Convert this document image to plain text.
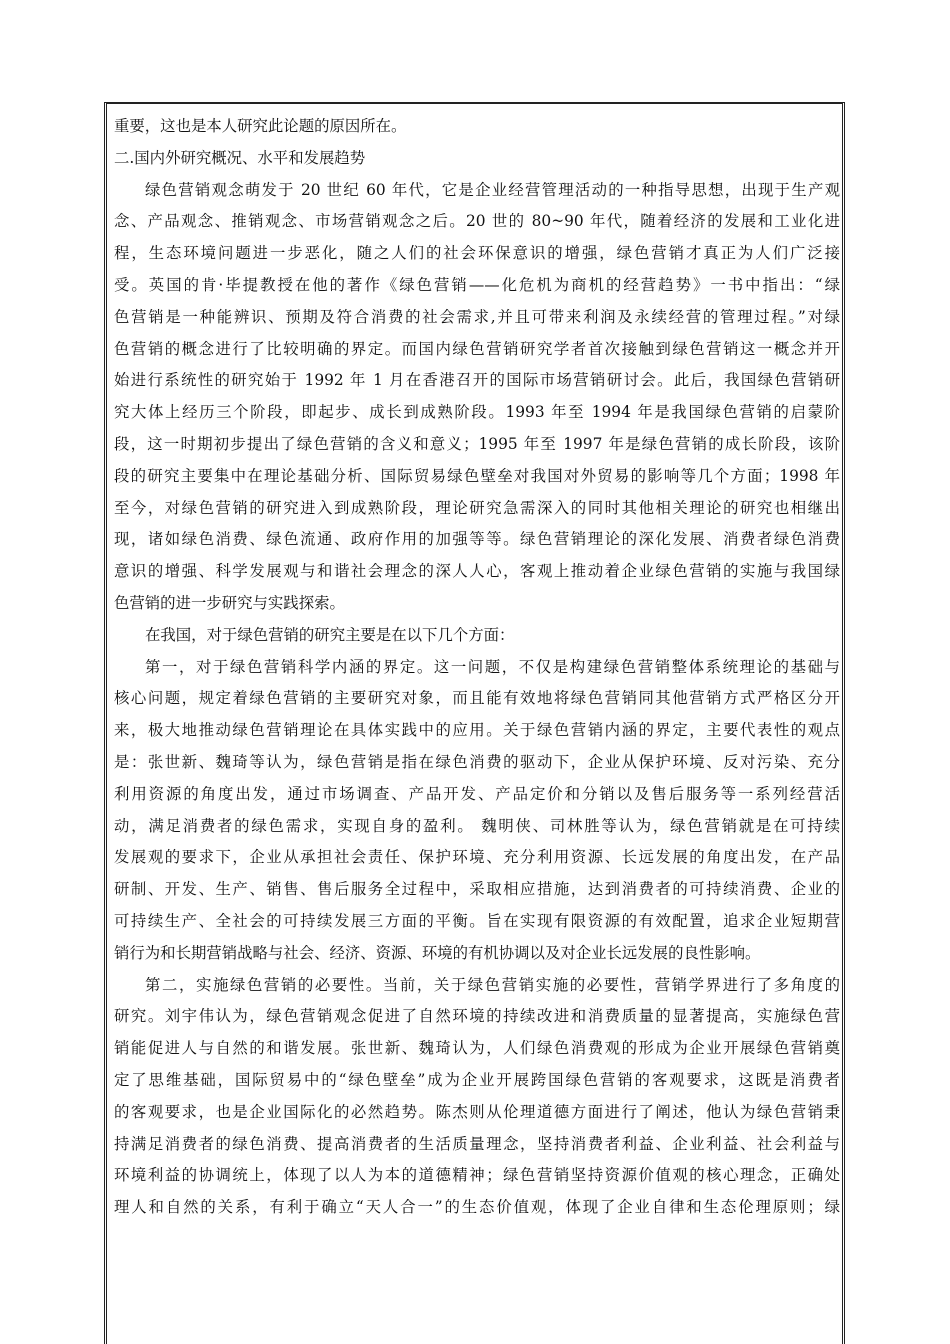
重要，这也是本人研究此论题的原因所在。
二.国内外研究概况、水平和发展趋势
绿色营销观念萌发于 20 世纪 60 年代，它是企业经营管理活动的一种指导思想，出现于生产观
念、产品观念、推销观念、市场营销观念之后。20 世的 80~90 年代，随着经济的发展和工业化进
程，生态环境问题进一步恶化，随之人们的社会环保意识的增强，绿色营销才真正为人们广泛接
受。英国的肯·毕提教授在他的著作《绿色营销——化危机为商机的经营趋势》一书中指出：“绿
色营销是一种能辨识、预期及符合消费的社会需求,并且可带来利润及永续经营的管理过程。”对绿
色营销的概念进行了比较明确的界定。而国内绿色营销研究学者首次接触到绿色营销这一概念并开
始进行系统性的研究始于 1992 年 1 月在香港召开的国际市场营销研讨会。此后，我国绿色营销研
究大体上经历三个阶段，即起步、成长到成熟阶段。1993 年至 1994 年是我国绿色营销的启蒙阶
段，这一时期初步提出了绿色营销的含义和意义；1995 年至 1997 年是绿色营销的成长阶段，该阶
段的研究主要集中在理论基础分析、国际贸易绿色壁垒对我国对外贸易的影响等几个方面；1998 年
至今，对绿色营销的研究进入到成熟阶段，理论研究急需深入的同时其他相关理论的研究也相继出
现，诸如绿色消费、绿色流通、政府作用的加强等等。绿色营销理论的深化发展、消费者绿色消费
意识的增强、科学发展观与和谐社会理念的深人人心，客观上推动着企业绿色营销的实施与我国绿
色营销的进一步研究与实践探索。
在我国，对于绿色营销的研究主要是在以下几个方面：
第一，对于绿色营销科学内涵的界定。这一问题，不仅是构建绿色营销整体系统理论的基础与
核心问题，规定着绿色营销的主要研究对象，而且能有效地将绿色营销同其他营销方式严格区分开
来，极大地推动绿色营销理论在具体实践中的应用。关于绿色营销内涵的界定，主要代表性的观点
是：张世新、魏琦等认为，绿色营销是指在绿色消费的驱动下，企业从保护环境、反对污染、充分
利用资源的角度出发，通过市场调查、产品开发、产品定价和分销以及售后服务等一系列经营活
动，满足消费者的绿色需求，实现自身的盈利。 魏明侠、司林胜等认为，绿色营销就是在可持续
发展观的要求下，企业从承担社会责任、保护环境、充分利用资源、长远发展的角度出发，在产品
研制、开发、生产、销售、售后服务全过程中，采取相应措施，达到消费者的可持续消费、企业的
可持续生产、全社会的可持续发展三方面的平衡。旨在实现有限资源的有效配置，追求企业短期营
销行为和长期营销战略与社会、经济、资源、环境的有机协调以及对企业长远发展的良性影响。
第二，实施绿色营销的必要性。当前，关于绿色营销实施的必要性，营销学界进行了多角度的
研究。刘宇伟认为，绿色营销观念促进了自然环境的持续改进和消费质量的显著提高，实施绿色营
销能促进人与自然的和谐发展。张世新、魏琦认为，人们绿色消费观的形成为企业开展绿色营销奠
定了思维基础，国际贸易中的“绿色壁垒”成为企业开展跨国绿色营销的客观要求，这既是消费者
的客观要求，也是企业国际化的必然趋势。陈杰则从伦理道德方面进行了阐述，他认为绿色营销秉
持满足消费者的绿色消费、提高消费者的生活质量理念，坚持消费者利益、企业利益、社会利益与
环境利益的协调统上，体现了以人为本的道德精神；绿色营销坚持资源价值观的核心理念，正确处
理人和自然的关系，有利于确立“天人合一”的生态价值观，体现了企业自律和生态伦理原则；绿
